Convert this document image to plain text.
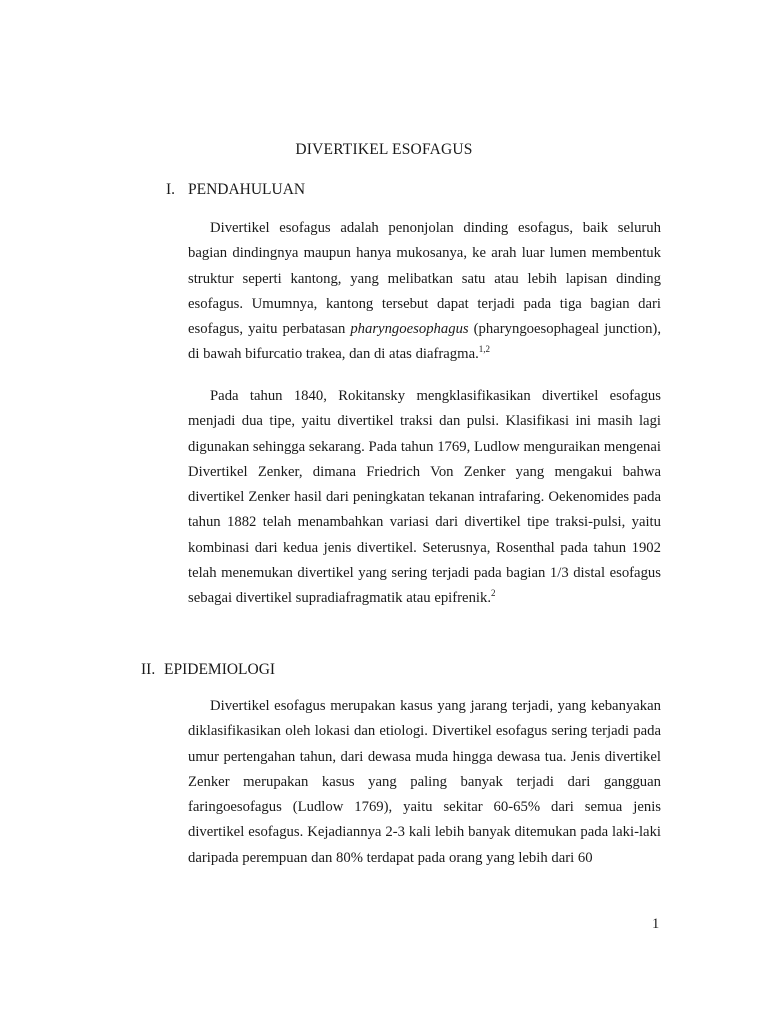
DIVERTIKEL ESOFAGUS
I. PENDAHULUAN

Divertikel esofagus adalah penonjolan dinding esofagus, baik seluruh bagian dindingnya maupun hanya mukosanya, ke arah luar lumen membentuk struktur seperti kantong, yang melibatkan satu atau lebih lapisan dinding esofagus. Umumnya, kantong tersebut dapat terjadi pada tiga bagian dari esofagus, yaitu perbatasan pharyngoesophagus (pharyngoesophageal junction), di bawah bifurcatio trakea, dan di atas diafragma.$^{1,2}$

Pada tahun 1840, Rokitansky mengklasifikasikan divertikel esofagus menjadi dua tipe, yaitu divertikel traksi dan pulsi. Klasifikasi ini masih lagi digunakan sehingga sekarang. Pada tahun 1769, Ludlow menguraikan mengenai Divertikel Zenker, dimana Friedrich Von Zenker yang mengakui bahwa divertikel Zenker hasil dari peningkatan tekanan intrafaring. Oekenomides pada tahun 1882 telah menambahkan variasi dari divertikel tipe traksi-pulsi, yaitu kombinasi dari kedua jenis divertikel. Seterusnya, Rosenthal pada tahun 1902 telah menemukan divertikel yang sering terjadi pada bagian 1/3 distal esofagus sebagai divertikel supradiafragmatik atau epifrenik.$^2$

II. EPIDEMIOLOGI

Divertikel esofagus merupakan kasus yang jarang terjadi, yang kebanyakan diklasifikasikan oleh lokasi dan etiologi. Divertikel esofagus sering terjadi pada umur pertengahan tahun, dari dewasa muda hingga dewasa tua. Jenis divertikel Zenker merupakan kasus yang paling banyak terjadi dari gangguan faringoesofagus (Ludlow 1769), yaitu sekitar 60-65% dari semua jenis divertikel esofagus. Kejadiannya 2-3 kali lebih banyak ditemukan pada laki-laki daripada perempuan dan 80% terdapat pada orang yang lebih dari 60

1
